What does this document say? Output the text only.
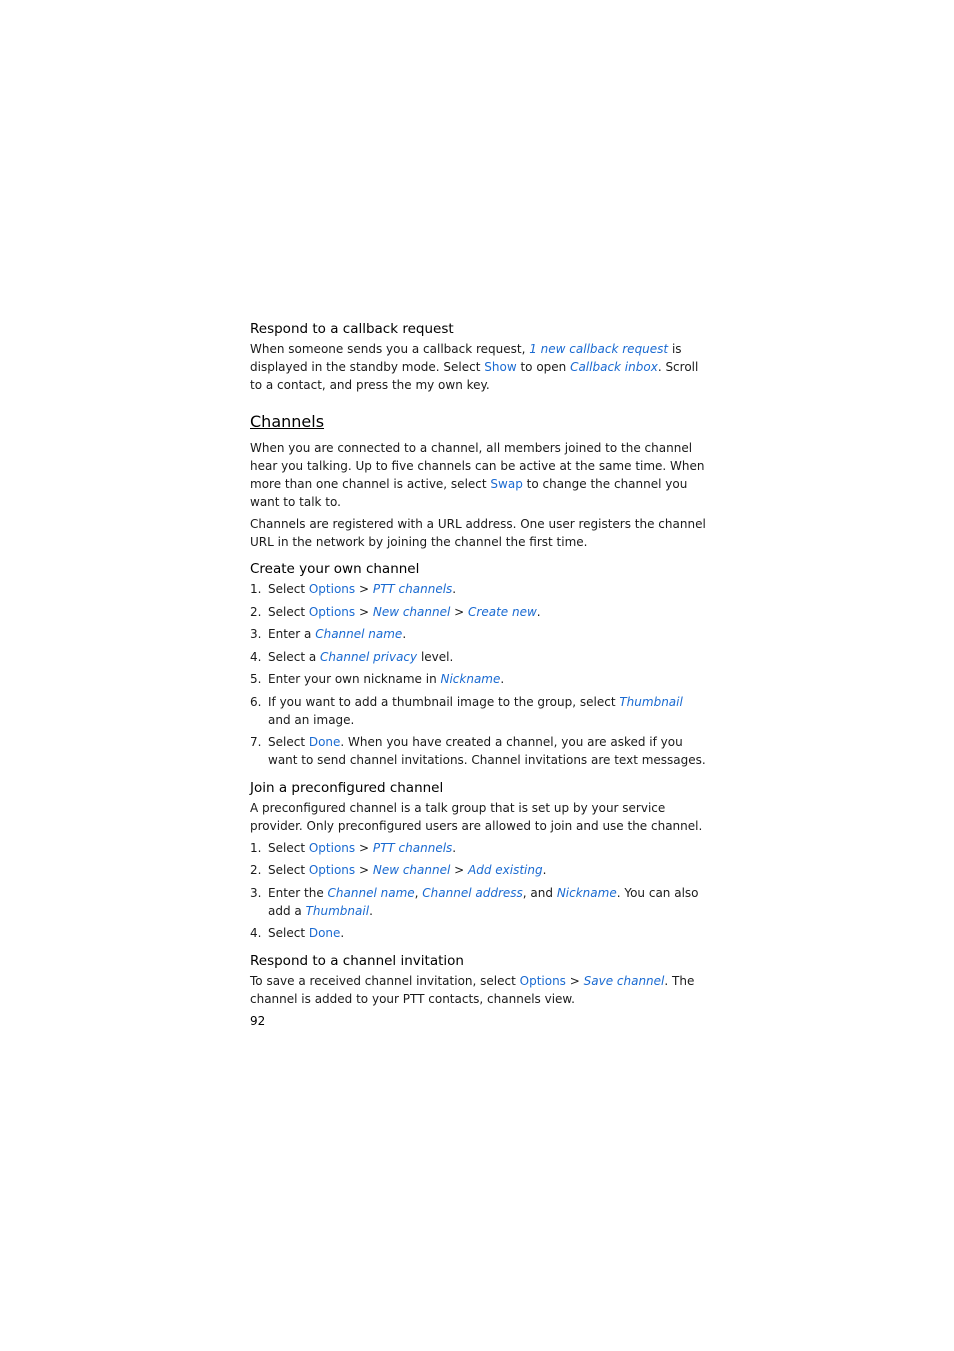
Respond to a callback request

When someone sends you a callback request, 1 new callback request is displayed in the standby mode. Select Show to open Callback inbox. Scroll to a contact, and press the my own key.

Channels

When you are connected to a channel, all members joined to the channel hear you talking. Up to five channels can be active at the same time. When more than one channel is active, select Swap to change the channel you want to talk to.

Channels are registered with a URL address. One user registers the channel URL in the network by joining the channel the first time.

Create your own channel
1. Select Options > PTT channels.
2. Select Options > New channel > Create new.
3. Enter a Channel name.
4. Select a Channel privacy level.
5. Enter your own nickname in Nickname.
6. If you want to add a thumbnail image to the group, select Thumbnail and an image.
7. Select Done. When you have created a channel, you are asked if you want to send channel invitations. Channel invitations are text messages.
Join a preconfigured channel

A preconfigured channel is a talk group that is set up by your service provider. Only preconfigured users are allowed to join and use the channel.

1. Select Options > PTT channels.
2. Select Options > New channel > Add existing.
3. Enter the Channel name, Channel address, and Nickname. You can also add a Thumbnail.
4. Select Done.
Respond to a channel invitation

To save a received channel invitation, select Options > Save channel. The channel is added to your PTT contacts, channels view.

92
